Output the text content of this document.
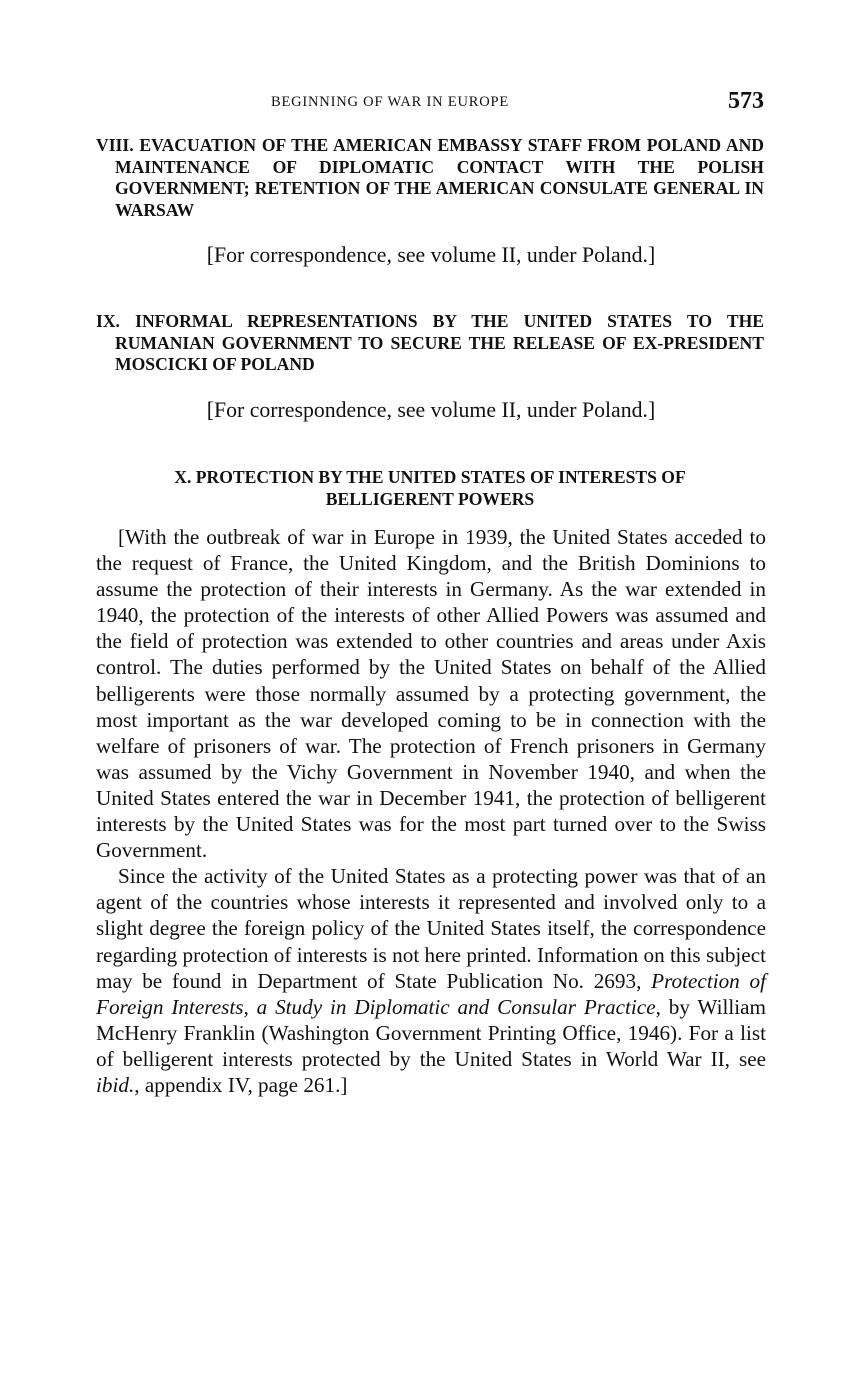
BEGINNING OF WAR IN EUROPE	573
VIII. EVACUATION OF THE AMERICAN EMBASSY STAFF FROM POLAND AND MAINTENANCE OF DIPLOMATIC CONTACT WITH THE POLISH GOVERNMENT; RETENTION OF THE AMERICAN CONSULATE GENERAL IN WARSAW
[For correspondence, see volume II, under Poland.]
IX. INFORMAL REPRESENTATIONS BY THE UNITED STATES TO THE RUMANIAN GOVERNMENT TO SECURE THE RELEASE OF EX-PRESIDENT MOSCICKI OF POLAND
[For correspondence, see volume II, under Poland.]
X. PROTECTION BY THE UNITED STATES OF INTERESTS OF
BELLIGERENT POWERS

[With the outbreak of war in Europe in 1939, the United States acceded to the request of France, the United Kingdom, and the British Dominions to assume the protection of their interests in Germany. As the war extended in 1940, the protection of the interests of other Allied Powers was assumed and the field of protection was extended to other countries and areas under Axis control. The duties performed by the United States on behalf of the Allied belligerents were those normally assumed by a protecting government, the most important as the war developed coming to be in connection with the welfare of prisoners of war. The protection of French prisoners in Germany was assumed by the Vichy Government in November 1940, and when the United States entered the war in December 1941, the protection of belligerent interests by the United States was for the most part turned over to the Swiss Government.

Since the activity of the United States as a protecting power was that of an agent of the countries whose interests it represented and involved only to a slight degree the foreign policy of the United States itself, the correspondence regarding protection of interests is not here printed. Information on this subject may be found in Department of State Publication No. 2693, Protection of Foreign Interests, a Study in Diplomatic and Consular Practice, by William McHenry Franklin (Washington Government Printing Office, 1946). For a list of belligerent interests protected by the United States in World War II, see ibid., appendix IV, page 261.]
